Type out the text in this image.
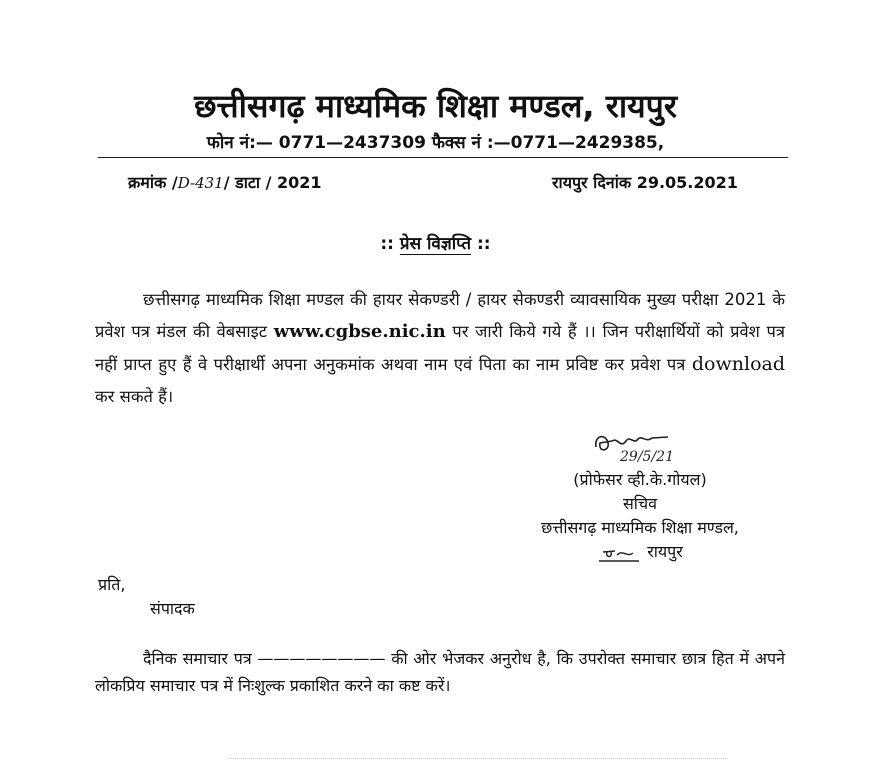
छत्तीसगढ़ माध्यमिक शिक्षा मण्डल, रायपुर
फोन नं:— 0771—2437309 फैक्स नं :—0771—2429385,
क्रमांक /D-431/ डाटा / 2021	रायपुर दिनांक 29.05.2021
:: प्रेस विज्ञप्ति ::

छत्तीसगढ़ माध्यमिक शिक्षा मण्डल की हायर सेकण्डरी / हायर सेकण्डरी व्यावसायिक मुख्य परीक्षा 2021 के प्रवेश पत्र मंडल की वेबसाइट www.cgbse.nic.in पर जारी किये गये हैं ।। जिन परीक्षार्थियों को प्रवेश पत्र नहीं प्राप्त हुए हैं वे परीक्षार्थी अपना अनुकमांक अथवा नाम एवं पिता का नाम प्रविष्ट कर प्रवेश पत्र download कर सकते हैं।

29/5/21
(प्रोफेसर व्ही.के.गोयल)
सचिव
छत्तीसगढ़ माध्यमिक शिक्षा मण्डल,
रायपुर
प्रति,
संपादक

दैनिक समाचार पत्र ———————— की ओर भेजकर अनुरोध है, कि उपरोक्त समाचार छात्र हित में अपने लोकप्रिय समाचार पत्र में निःशुल्क प्रकाशित करने का कष्ट करें।
